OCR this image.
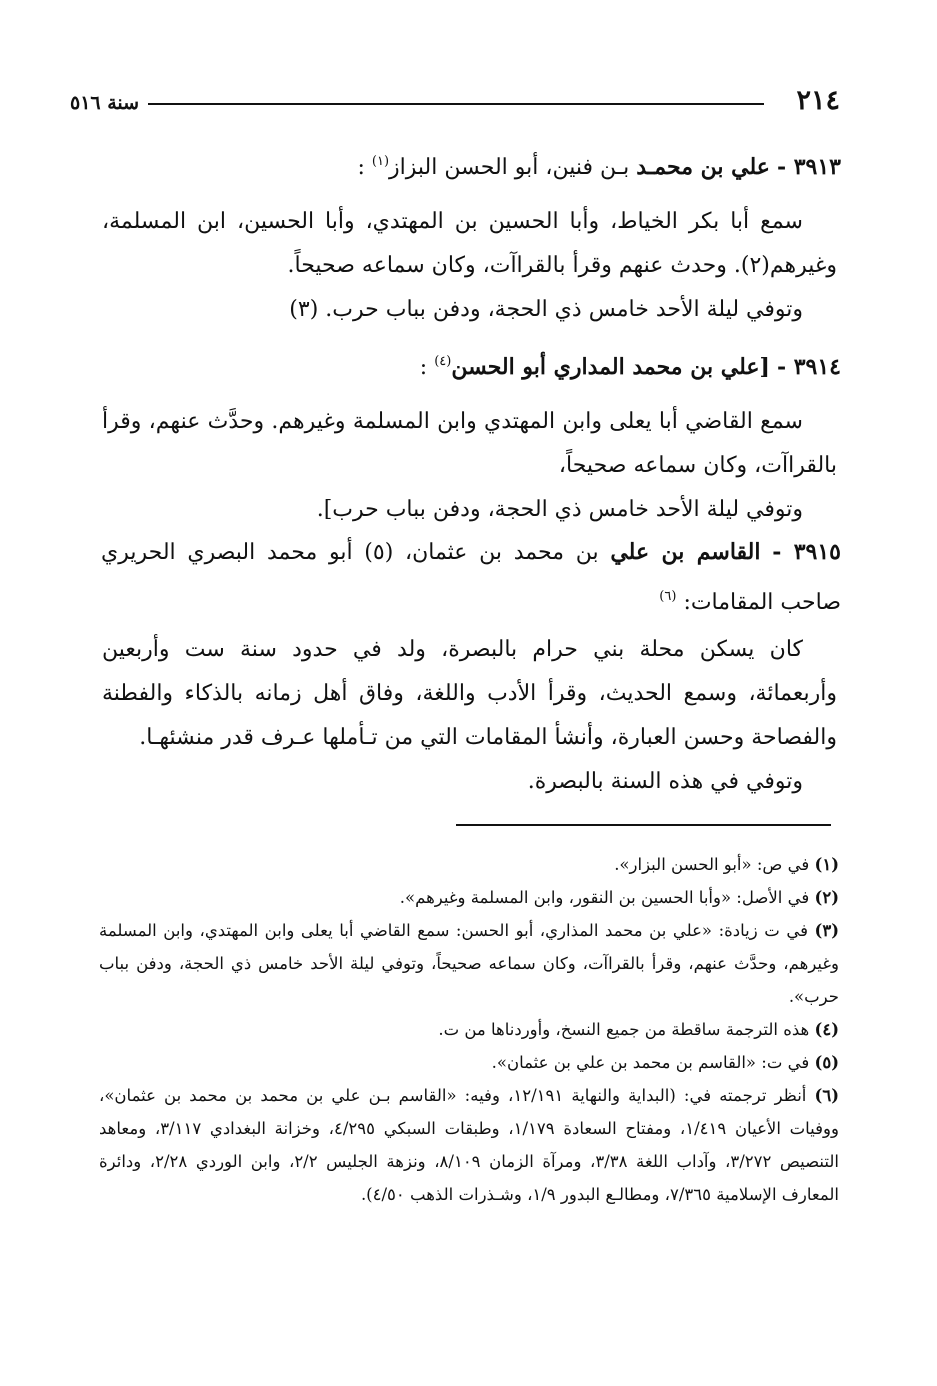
٢١٤
سنة ٥١٦

٣٩١٣ - علي بن محمـد بـن فنين، أبو الحسن البزاز$^{(١)}$ :

سمع أبا بكر الخياط، وأبا الحسين بن المهتدي، وأبا الحسين، ابن المسلمة، وغيرهم(٢). وحدث عنهم وقرأ بالقراآت، وكان سماعه صحيحاً.

وتوفي ليلة الأحد خامس ذي الحجة، ودفن بباب حرب. (٣)

٣٩١٤ - [علي بن محمد المداري أبو الحسن$^{(٤)}$ :

سمع القاضي أبا يعلى وابن المهتدي وابن المسلمة وغيرهم. وحدَّث عنهم، وقرأ بالقراآت، وكان سماعه صحيحاً،

وتوفي ليلة الأحد خامس ذي الحجة، ودفن بباب حرب].

٣٩١٥ - القاسم بن علي بن محمد بن عثمان، (٥) أبو محمد البصري الحريري صاحب المقامات: $^{(٦)}$

كان يسكن محلة بني حرام بالبصرة، ولد في حدود سنة ست وأربعين وأربعمائة، وسمع الحديث، وقرأ الأدب واللغة، وفاق أهل زمانه بالذكاء والفطنة والفصاحة وحسن العبارة، وأنشأ المقامات التي من تـأملها عـرف قدر منشئهـا.

وتوفي في هذه السنة بالبصرة.

(١) في ص: «أبو الحسن البزار».

(٢) في الأصل: «وأبا الحسين بن النقور، وابن المسلمة وغيرهم».

(٣) في ت زيادة: «علي بن محمد المذاري، أبو الحسن: سمع القاضي أبا يعلى وابن المهتدي، وابن المسلمة وغيرهم، وحدَّث عنهم، وقرأ بالقراآت، وكان سماعه صحيحاً، وتوفي ليلة الأحد خامس ذي الحجة، ودفن بباب حرب».

(٤) هذه الترجمة ساقطة من جميع النسخ، وأوردناها من ت.

(٥) في ت: «القاسم بن محمد بن علي بن عثمان».

(٦) أنظر ترجمته في: (البداية والنهاية ١٢/١٩١، وفيه: «القاسم بـن علي بن محمد بن محمد بن عثمان»، ووفيات الأعيان ١/٤١٩، ومفتاح السعادة ١/١٧٩، وطبقات السبكي ٤/٢٩٥، وخزانة البغدادي ٣/١١٧، ومعاهد التنصيص ٣/٢٧٢، وآداب اللغة ٣/٣٨، ومرآة الزمان ٨/١٠٩، ونزهة الجليس ٢/٢، وابن الوردي ٢/٢٨، ودائرة المعارف الإسلامية ٧/٣٦٥، ومطالـع البدور ١/٩، وشـذرات الذهب ٤/٥٠).
